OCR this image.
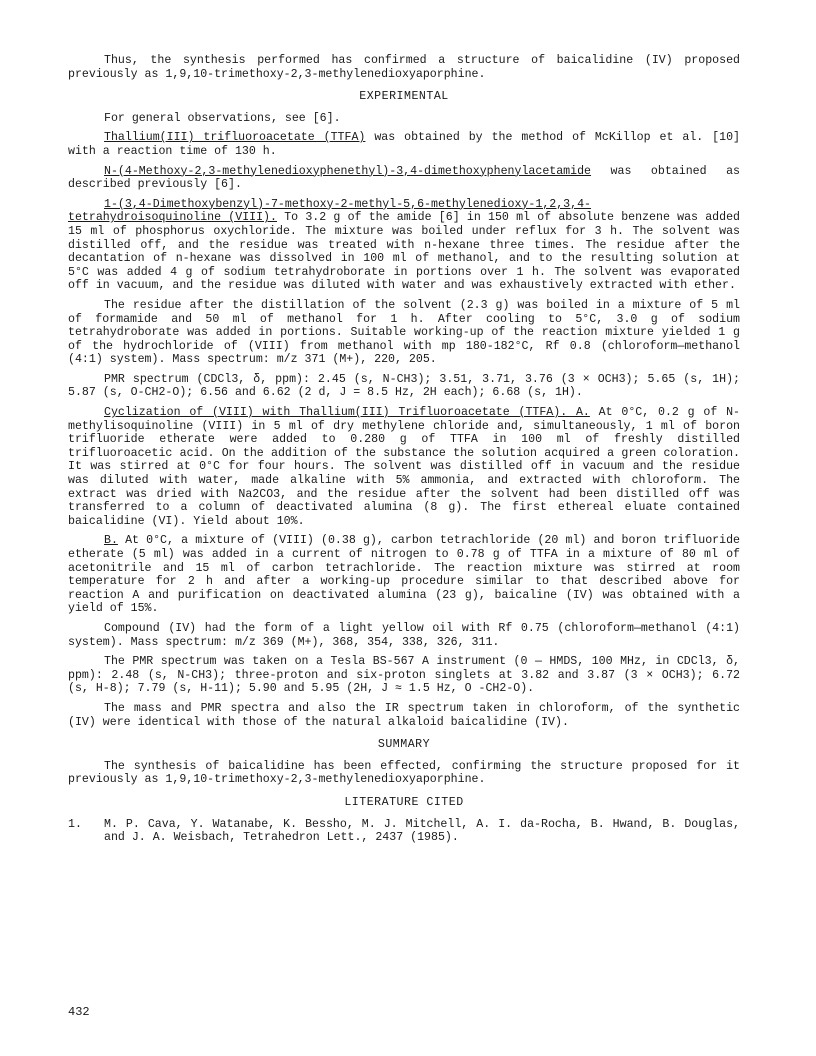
Thus, the synthesis performed has confirmed a structure of baicalidine (IV) proposed previously as 1,9,10-trimethoxy-2,3-methylenedioxyaporphine.

EXPERIMENTAL

For general observations, see [6].

Thallium(III) trifluoroacetate (TTFA) was obtained by the method of McKillop et al. [10] with a reaction time of 130 h.

N-(4-Methoxy-2,3-methylenedioxyphenethyl)-3,4-dimethoxyphenylacetamide was obtained as described previously [6].

1-(3,4-Dimethoxybenzyl)-7-methoxy-2-methyl-5,6-methylenedioxy-1,2,3,4-tetrahydroisoquinoline (VIII). To 3.2 g of the amide [6] in 150 ml of absolute benzene was added 15 ml of phosphorus oxychloride. The mixture was boiled under reflux for 3 h. The solvent was distilled off, and the residue was treated with n-hexane three times. The residue after the decantation of n-hexane was dissolved in 100 ml of methanol, and to the resulting solution at 5°C was added 4 g of sodium tetrahydroborate in portions over 1 h. The solvent was evaporated off in vacuum, and the residue was diluted with water and was exhaustively extracted with ether.

The residue after the distillation of the solvent (2.3 g) was boiled in a mixture of 5 ml of formamide and 50 ml of methanol for 1 h. After cooling to 5°C, 3.0 g of sodium tetrahydroborate was added in portions. Suitable working-up of the reaction mixture yielded 1 g of the hydrochloride of (VIII) from methanol with mp 180-182°C, Rf 0.8 (chloroform—methanol (4:1) system). Mass spectrum: m/z 371 (M+), 220, 205.

PMR spectrum (CDCl3, δ, ppm): 2.45 (s, N-CH3); 3.51, 3.71, 3.76 (3 × OCH3); 5.65 (s, 1H); 5.87 (s, O-CH2-O); 6.56 and 6.62 (2 d, J = 8.5 Hz, 2H each); 6.68 (s, 1H).

Cyclization of (VIII) with Thallium(III) Trifluoroacetate (TTFA). A. At 0°C, 0.2 g of N-methylisoquinoline (VIII) in 5 ml of dry methylene chloride and, simultaneously, 1 ml of boron trifluoride etherate were added to 0.280 g of TTFA in 100 ml of freshly distilled trifluoroacetic acid. On the addition of the substance the solution acquired a green coloration. It was stirred at 0°C for four hours. The solvent was distilled off in vacuum and the residue was diluted with water, made alkaline with 5% ammonia, and extracted with chloroform. The extract was dried with Na2CO3, and the residue after the solvent had been distilled off was transferred to a column of deactivated alumina (8 g). The first ethereal eluate contained baicalidine (VI). Yield about 10%.

B. At 0°C, a mixture of (VIII) (0.38 g), carbon tetrachloride (20 ml) and boron trifluoride etherate (5 ml) was added in a current of nitrogen to 0.78 g of TTFA in a mixture of 80 ml of acetonitrile and 15 ml of carbon tetrachloride. The reaction mixture was stirred at room temperature for 2 h and after a working-up procedure similar to that described above for reaction A and purification on deactivated alumina (23 g), baicaline (IV) was obtained with a yield of 15%.

Compound (IV) had the form of a light yellow oil with Rf 0.75 (chloroform—methanol (4:1) system). Mass spectrum: m/z 369 (M+), 368, 354, 338, 326, 311.

The PMR spectrum was taken on a Tesla BS-567 A instrument (0 — HMDS, 100 MHz, in CDCl3, δ, ppm): 2.48 (s, N-CH3); three-proton and six-proton singlets at 3.82 and 3.87 (3 × OCH3); 6.72 (s, H-8); 7.79 (s, H-11); 5.90 and 5.95 (2H, J ≈ 1.5 Hz, O -CH2-O).

The mass and PMR spectra and also the IR spectrum taken in chloroform, of the synthetic (IV) were identical with those of the natural alkaloid baicalidine (IV).

SUMMARY

The synthesis of baicalidine has been effected, confirming the structure proposed for it previously as 1,9,10-trimethoxy-2,3-methylenedioxyaporphine.

LITERATURE CITED
1.	M. P. Cava, Y. Watanabe, K. Bessho, M. J. Mitchell, A. I. da-Rocha, B. Hwand, B. Douglas, and J. A. Weisbach, Tetrahedron Lett., 2437 (1985).
432
